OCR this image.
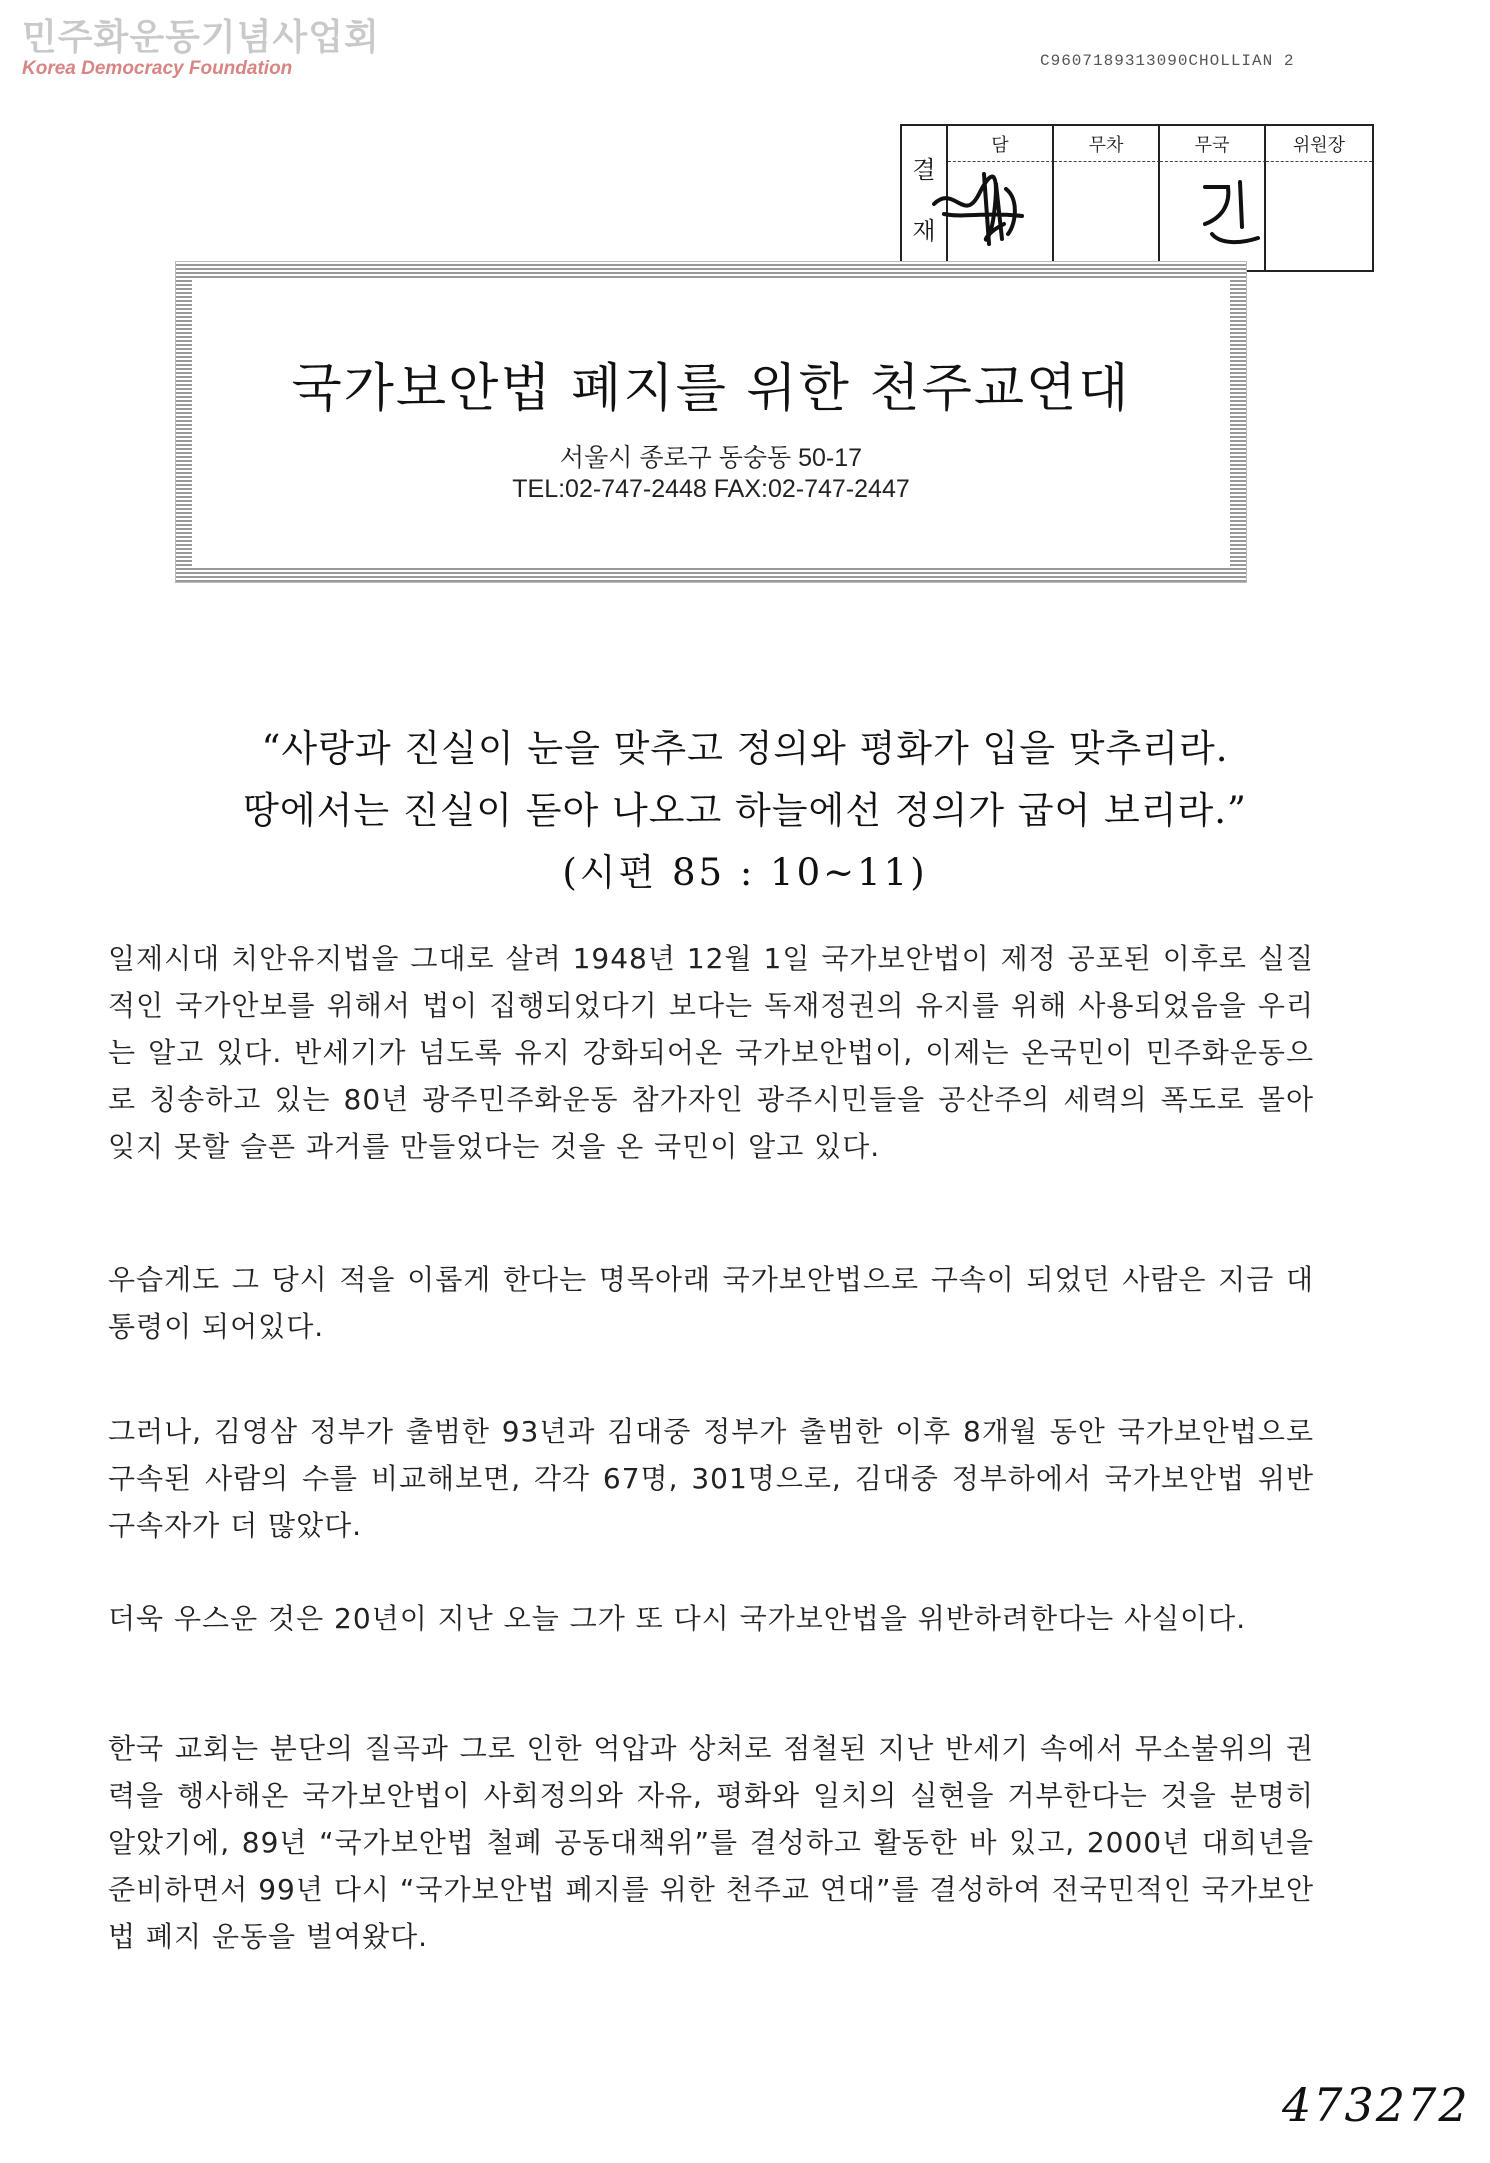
민주화운동기념사업회
Korea Democracy Foundation	C9607189313090CHOLLIAN 2
결
재
담	무차	무국	위원장
국가보안법 폐지를 위한 천주교연대
서울시 종로구 동숭동 50-17
TEL:02-747-2448 FAX:02-747-2447
“사랑과 진실이 눈을 맞추고 정의와 평화가 입을 맞추리라.
땅에서는 진실이 돋아 나오고 하늘에선 정의가 굽어 보리라.”
(시편 85 : 10~11)
일제시대 치안유지법을 그대로 살려 1948년 12월 1일 국가보안법이 제정 공포된 이후로 실질적인 국가안보를 위해서 법이 집행되었다기 보다는 독재정권의 유지를 위해 사용되었음을 우리는 알고 있다. 반세기가 넘도록 유지 강화되어온 국가보안법이, 이제는 온국민이 민주화운동으로 칭송하고 있는 80년 광주민주화운동 참가자인 광주시민들을 공산주의 세력의 폭도로 몰아 잊지 못할 슬픈 과거를 만들었다는 것을 온 국민이 알고 있다.
우습게도 그 당시 적을 이롭게 한다는 명목아래 국가보안법으로 구속이 되었던 사람은 지금 대통령이 되어있다.
그러나, 김영삼 정부가 출범한 93년과 김대중 정부가 출범한 이후 8개월 동안 국가보안법으로 구속된 사람의 수를 비교해보면, 각각 67명, 301명으로, 김대중 정부하에서 국가보안법 위반 구속자가 더 많았다.
더욱 우스운 것은 20년이 지난 오늘 그가 또 다시 국가보안법을 위반하려한다는 사실이다.
한국 교회는 분단의 질곡과 그로 인한 억압과 상처로 점철된 지난 반세기 속에서 무소불위의 권력을 행사해온 국가보안법이 사회정의와 자유, 평화와 일치의 실현을 거부한다는 것을 분명히 알았기에, 89년 “국가보안법 철폐 공동대책위”를 결성하고 활동한 바 있고, 2000년 대희년을 준비하면서 99년 다시 “국가보안법 폐지를 위한 천주교 연대”를 결성하여 전국민적인 국가보안법 폐지 운동을 벌여왔다.
473272
